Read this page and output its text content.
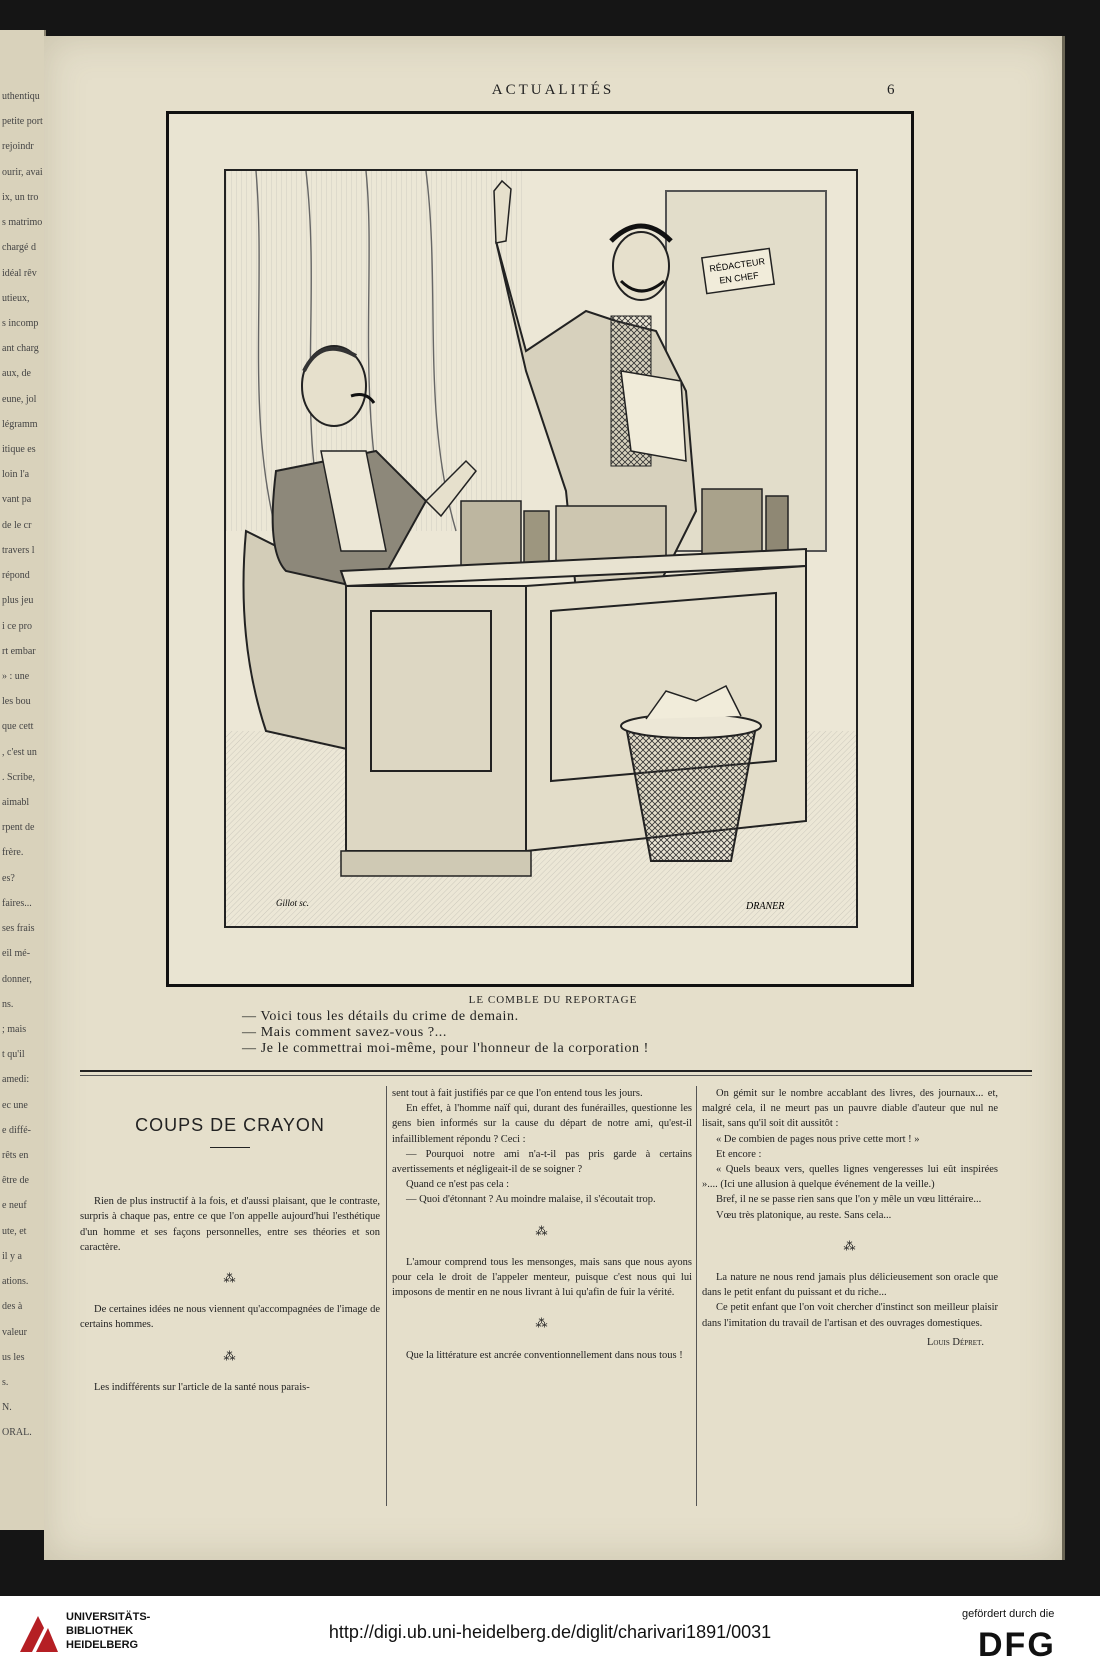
uthentiqu
petite port
rejoindr
ourir, avai
ix, un tro
s matrimo
chargé d
idéal rêv
utieux,
s incomp
ant charg
aux, de
eune, jol
légramm
itique es
loin l'a
vant pa
de le cr
travers l
répond
plus jeu
i ce pro
rt embar
» : une
les bou
que cett
, c'est un
. Scribe,
aimabl
rpent de
frère.
es?
faires...
ses frais
eil mé-
donner,
ns.
; mais
t qu'il
amedi:
ec une
e diffé-
rêts en
être de
e neuf
ute, et
il y a
ations.
des à
valeur
us les
s.
N.
ORAL.
ACTUALITÉS	6
RÉDACTEUR
EN CHEF
Gillot sc.	DRANER
LE COMBLE DU REPORTAGE
— Voici tous les détails du crime de demain.
— Mais comment savez-vous ?...
— Je le commettrai moi-même, pour l'honneur de la corporation !
COUPS DE CRAYON

Rien de plus instructif à la fois, et d'aussi plaisant, que le contraste, surpris à chaque pas, entre ce que l'on appelle aujourd'hui l'esthétique d'un homme et ses façons personnelles, entre ses théories et son caractère.

⁂

De certaines idées ne nous viennent qu'accompagnées de l'image de certains hommes.

⁂

Les indifférents sur l'article de la santé nous parais-

sent tout à fait justifiés par ce que l'on entend tous les jours.

En effet, à l'homme naïf qui, durant des funérailles, questionne les gens bien informés sur la cause du départ de notre ami, qu'est-il infailliblement répondu ? Ceci :

— Pourquoi notre ami n'a-t-il pas pris garde à certains avertissements et négligeait-il de se soigner ?

Quand ce n'est pas cela :

— Quoi d'étonnant ? Au moindre malaise, il s'écoutait trop.

⁂

L'amour comprend tous les mensonges, mais sans que nous ayons pour cela le droit de l'appeler menteur, puisque c'est nous qui lui imposons de mentir en ne nous livrant à lui qu'afin de fuir la vérité.

⁂

Que la littérature est ancrée conventionnellement dans nous tous !

On gémit sur le nombre accablant des livres, des journaux... et, malgré cela, il ne meurt pas un pauvre diable d'auteur que nul ne lisait, sans qu'il soit dit aussitôt :

« De combien de pages nous prive cette mort ! »

Et encore :

« Quels beaux vers, quelles lignes vengeresses lui eût inspirées ».... (Ici une allusion à quelque événement de la veille.)

Bref, il ne se passe rien sans que l'on y mêle un vœu littéraire...

Vœu très platonique, au reste. Sans cela...

⁂

La nature ne nous rend jamais plus délicieusement son oracle que dans le petit enfant du puissant et du riche...

Ce petit enfant que l'on voit chercher d'instinct son meilleur plaisir dans l'imitation du travail de l'artisan et des ouvrages domestiques.

Louis Dépret.
UNIVERSITÄTS-
BIBLIOTHEK
HEIDELBERG
http://digi.ub.uni-heidelberg.de/diglit/charivari1891/0031
gefördert durch die
DFG
